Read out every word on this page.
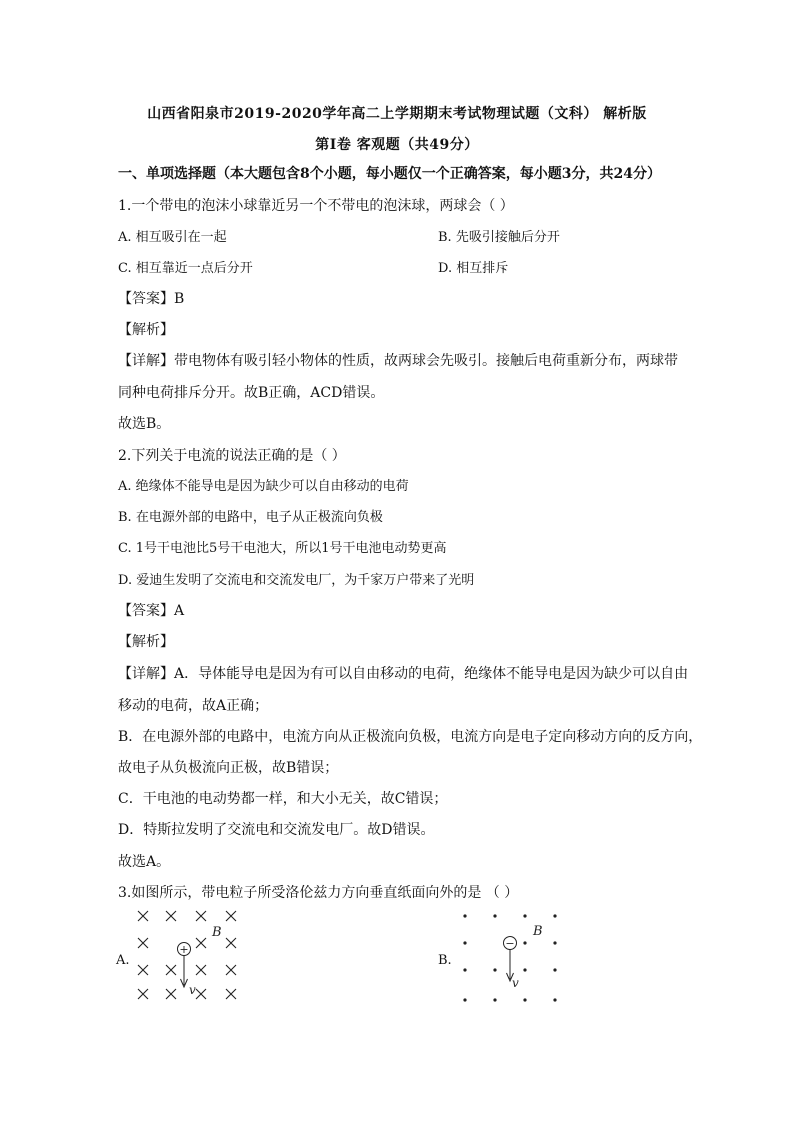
山西省阳泉市2019-2020学年高二上学期期末考试物理试题（文科） 解析版
第Ⅰ卷 客观题（共49分）
一、单项选择题（本大题包含8个小题，每小题仅一个正确答案，每小题3分，共24分）
1.一个带电的泡沫小球靠近另一个不带电的泡沫球，两球会（ ）
A. 相互吸引在一起	B. 先吸引接触后分开
C. 相互靠近一点后分开	D. 相互排斥
【答案】B
【解析】
【详解】带电物体有吸引轻小物体的性质，故两球会先吸引。接触后电荷重新分布，两球带
同种电荷排斥分开。故B正确，ACD错误。
故选B。
2.下列关于电流的说法正确的是（ ）
A. 绝缘体不能导电是因为缺少可以自由移动的电荷
B. 在电源外部的电路中，电子从正极流向负极
C. 1号干电池比5号干电池大，所以1号干电池电动势更高
D. 爱迪生发明了交流电和交流发电厂，为千家万户带来了光明
【答案】A
【解析】
【详解】A．导体能导电是因为有可以自由移动的电荷，绝缘体不能导电是因为缺少可以自由
移动的电荷，故A正确；
B．在电源外部的电路中，电流方向从正极流向负极，电流方向是电子定向移动方向的反方向，
故电子从负极流向正极，故B错误；
C．干电池的电动势都一样，和大小无关，故C错误；
D．特斯拉发明了交流电和交流发电厂。故D错误。
故选A。
3.如图所示，带电粒子所受洛伦兹力方向垂直纸面向外的是 （ ）
A.
+
v
B
B.
−
v
B
